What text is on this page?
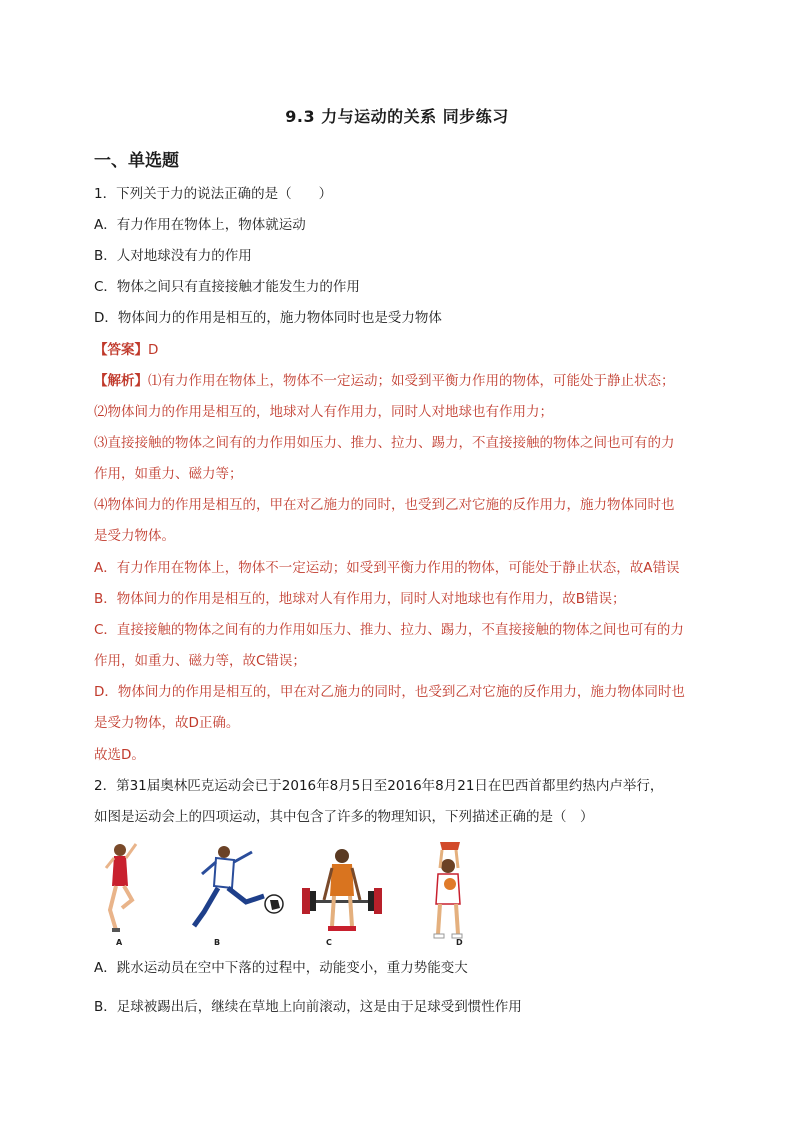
9.3 力与运动的关系 同步练习
一、单选题
1．下列关于力的说法正确的是（　　）
A．有力作用在物体上，物体就运动
B．人对地球没有力的作用
C．物体之间只有直接接触才能发生力的作用
D．物体间力的作用是相互的，施力物体同时也是受力物体
【答案】D
【解析】⑴有力作用在物体上，物体不一定运动；如受到平衡力作用的物体，可能处于静止状态；
⑵物体间力的作用是相互的，地球对人有作用力，同时人对地球也有作用力；
⑶直接接触的物体之间有的力作用如压力、推力、拉力、踢力，不直接接触的物体之间也可有的力
作用，如重力、磁力等；
⑷物体间力的作用是相互的，甲在对乙施力的同时，也受到乙对它施的反作用力，施力物体同时也
是受力物体。
A．有力作用在物体上，物体不一定运动；如受到平衡力作用的物体，可能处于静止状态，故A错误
B．物体间力的作用是相互的，地球对人有作用力，同时人对地球也有作用力，故B错误；
C．直接接触的物体之间有的力作用如压力、推力、拉力、踢力，不直接接触的物体之间也可有的力
作用，如重力、磁力等，故C错误；
D．物体间力的作用是相互的，甲在对乙施力的同时，也受到乙对它施的反作用力，施力物体同时也
是受力物体，故D正确。
故选D。
2．第31届奥林匹克运动会已于2016年8月5日至2016年8月21日在巴西首都里约热内卢举行，
如图是运动会上的四项运动，其中包含了许多的物理知识，下列描述正确的是（　）
A	B	C	D
A．跳水运动员在空中下落的过程中，动能变小，重力势能变大
B．足球被踢出后，继续在草地上向前滚动，这是由于足球受到惯性作用
